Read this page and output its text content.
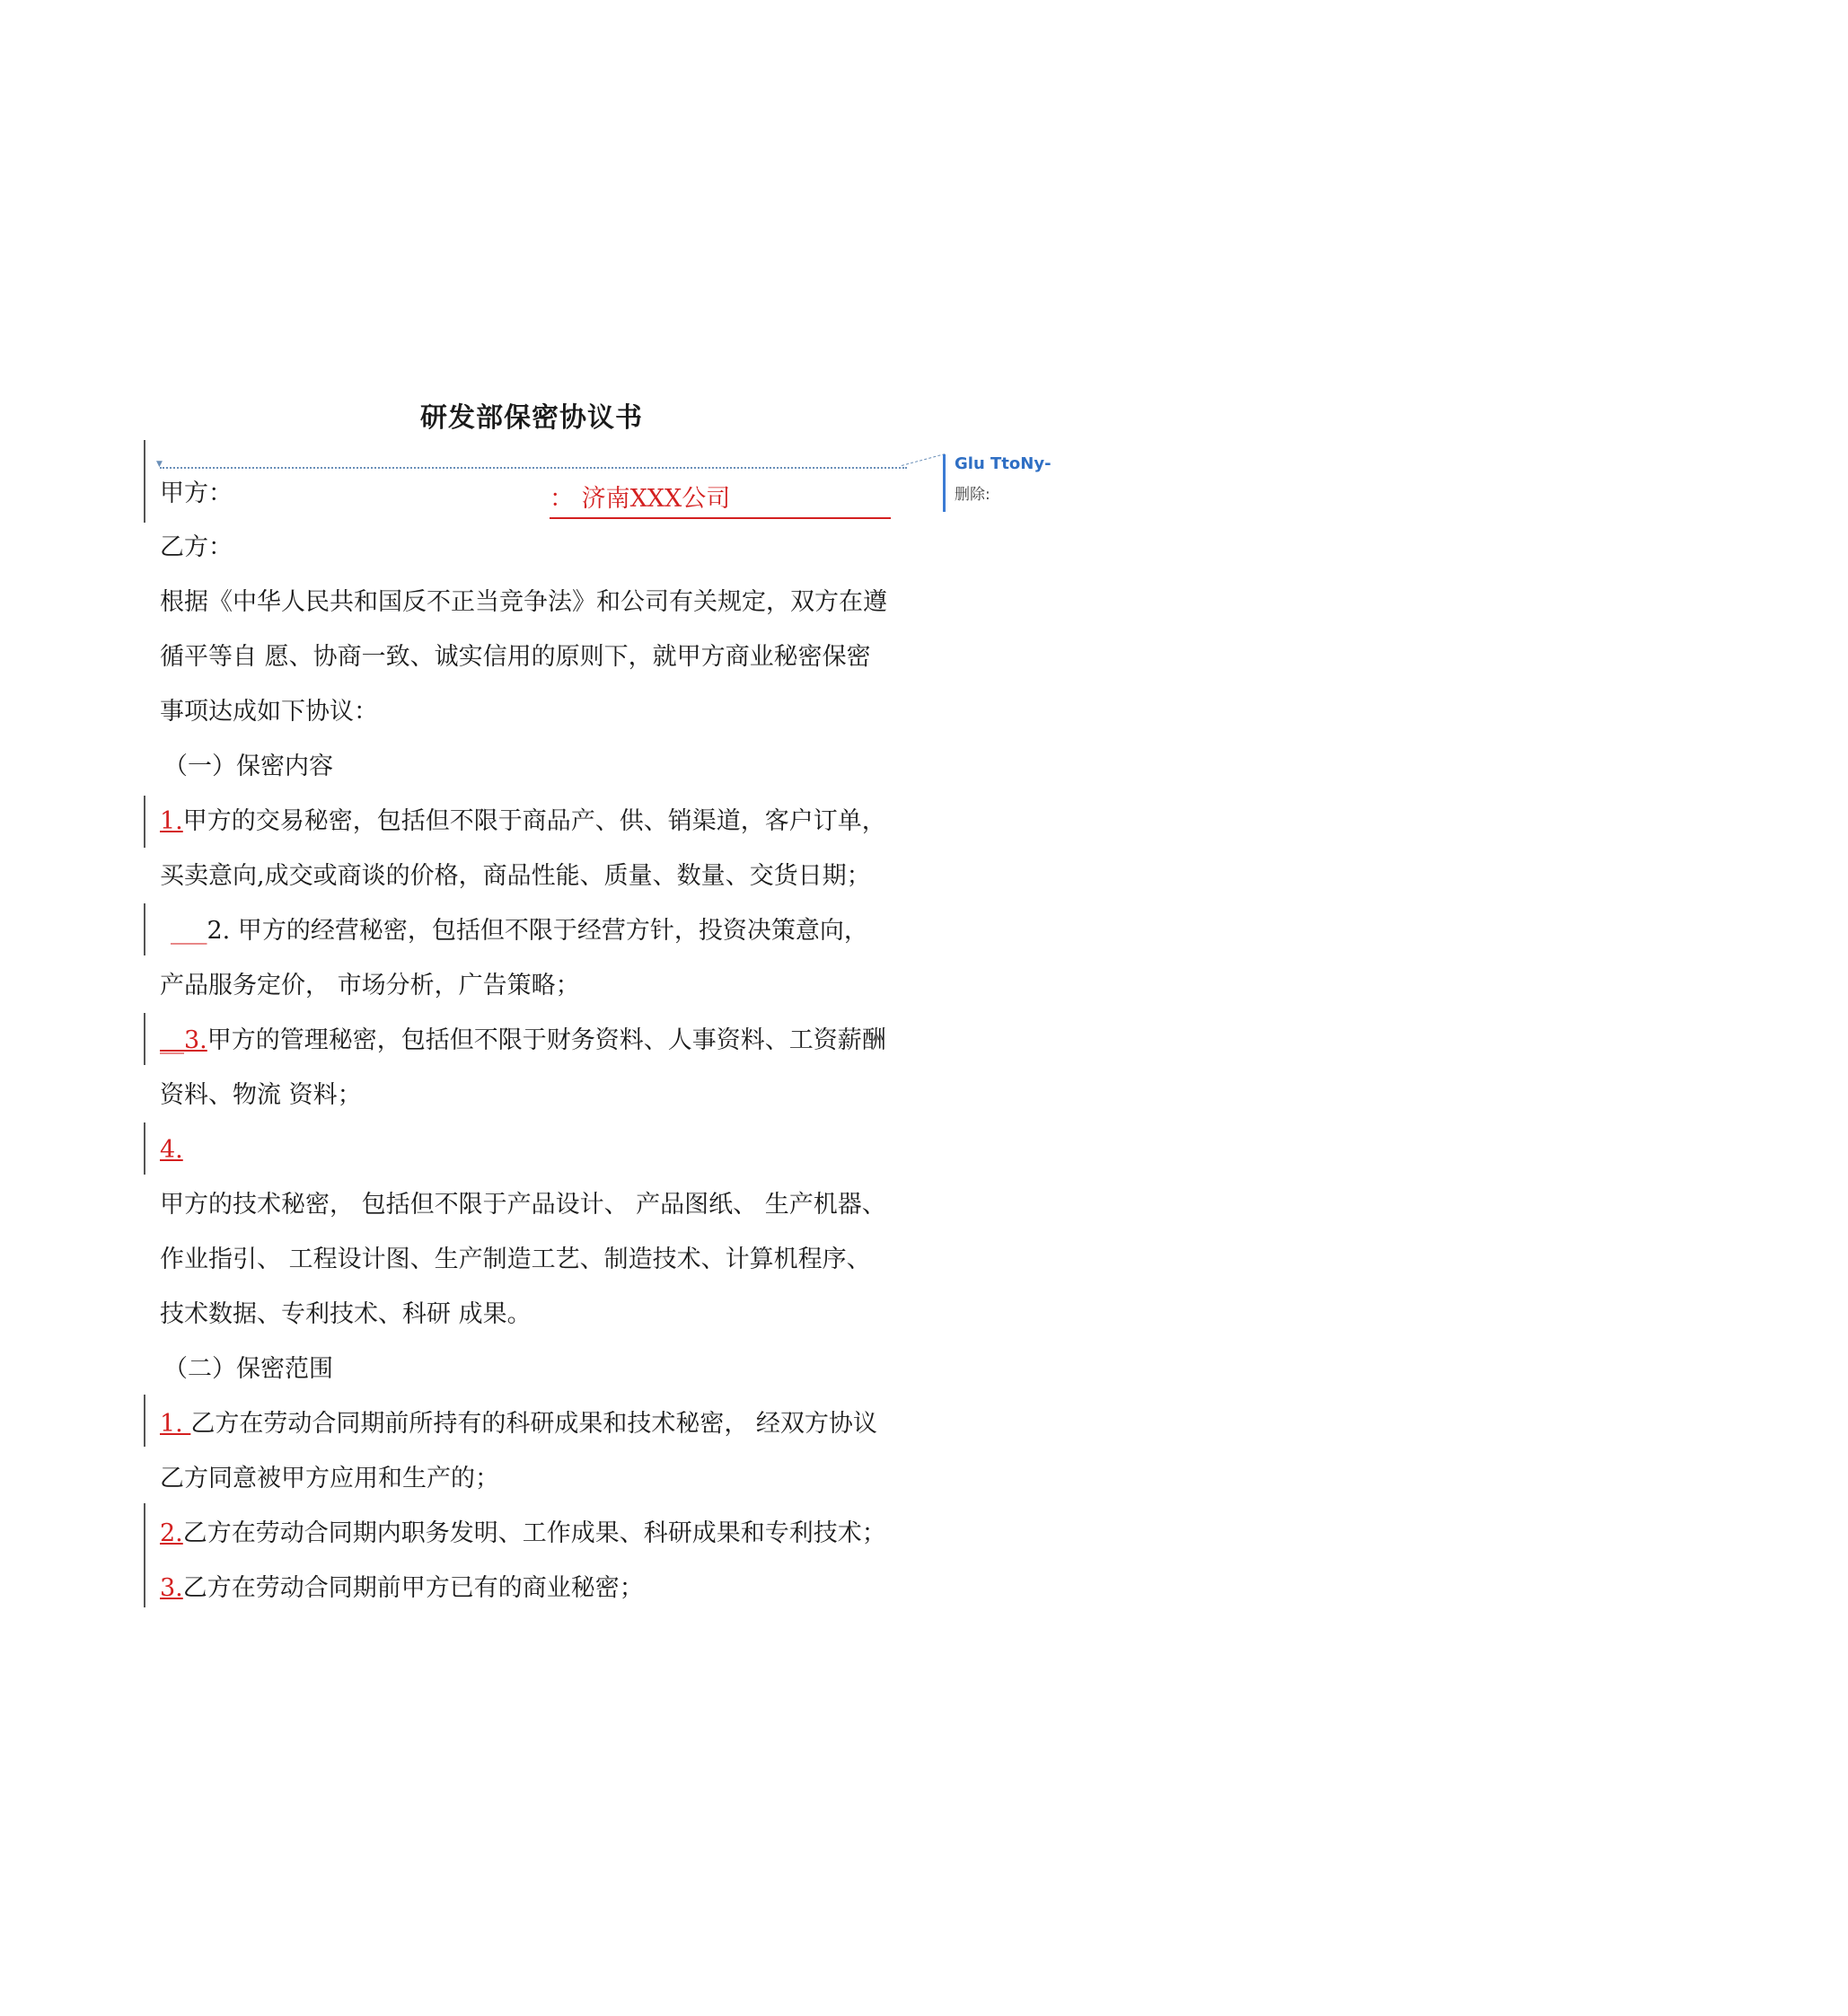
研发部保密协议书
▼	Glu TtoNy-
删除:
甲方：	： 济南XXX公司
乙方：
根据《中华人民共和国反不正当竞争法》和公司有关规定，双方在遵
循平等自 愿、协商一致、诚实信用的原则下，就甲方商业秘密保密
事项达成如下协议：
（一）保密内容
1.甲方的交易秘密，包括但不限于商品产、供、销渠道，客户订单，
买卖意向,成交或商谈的价格，商品性能、质量、数量、交货日期；
___2. 甲方的经营秘密，包括但不限于经营方针，投资决策意向，
产品服务定价， 市场分析，广告策略；
__3.甲方的管理秘密，包括但不限于财务资料、人事资料、工资薪酬
资料、物流 资料；
4.
甲方的技术秘密， 包括但不限于产品设计、 产品图纸、 生产机器、
作业指引、 工程设计图、生产制造工艺、制造技术、计算机程序、
技术数据、专利技术、科研 成果。
（二）保密范围
1. 乙方在劳动合同期前所持有的科研成果和技术秘密， 经双方协议
乙方同意被甲方应用和生产的；
2.乙方在劳动合同期内职务发明、工作成果、科研成果和专利技术；
3.乙方在劳动合同期前甲方已有的商业秘密；
